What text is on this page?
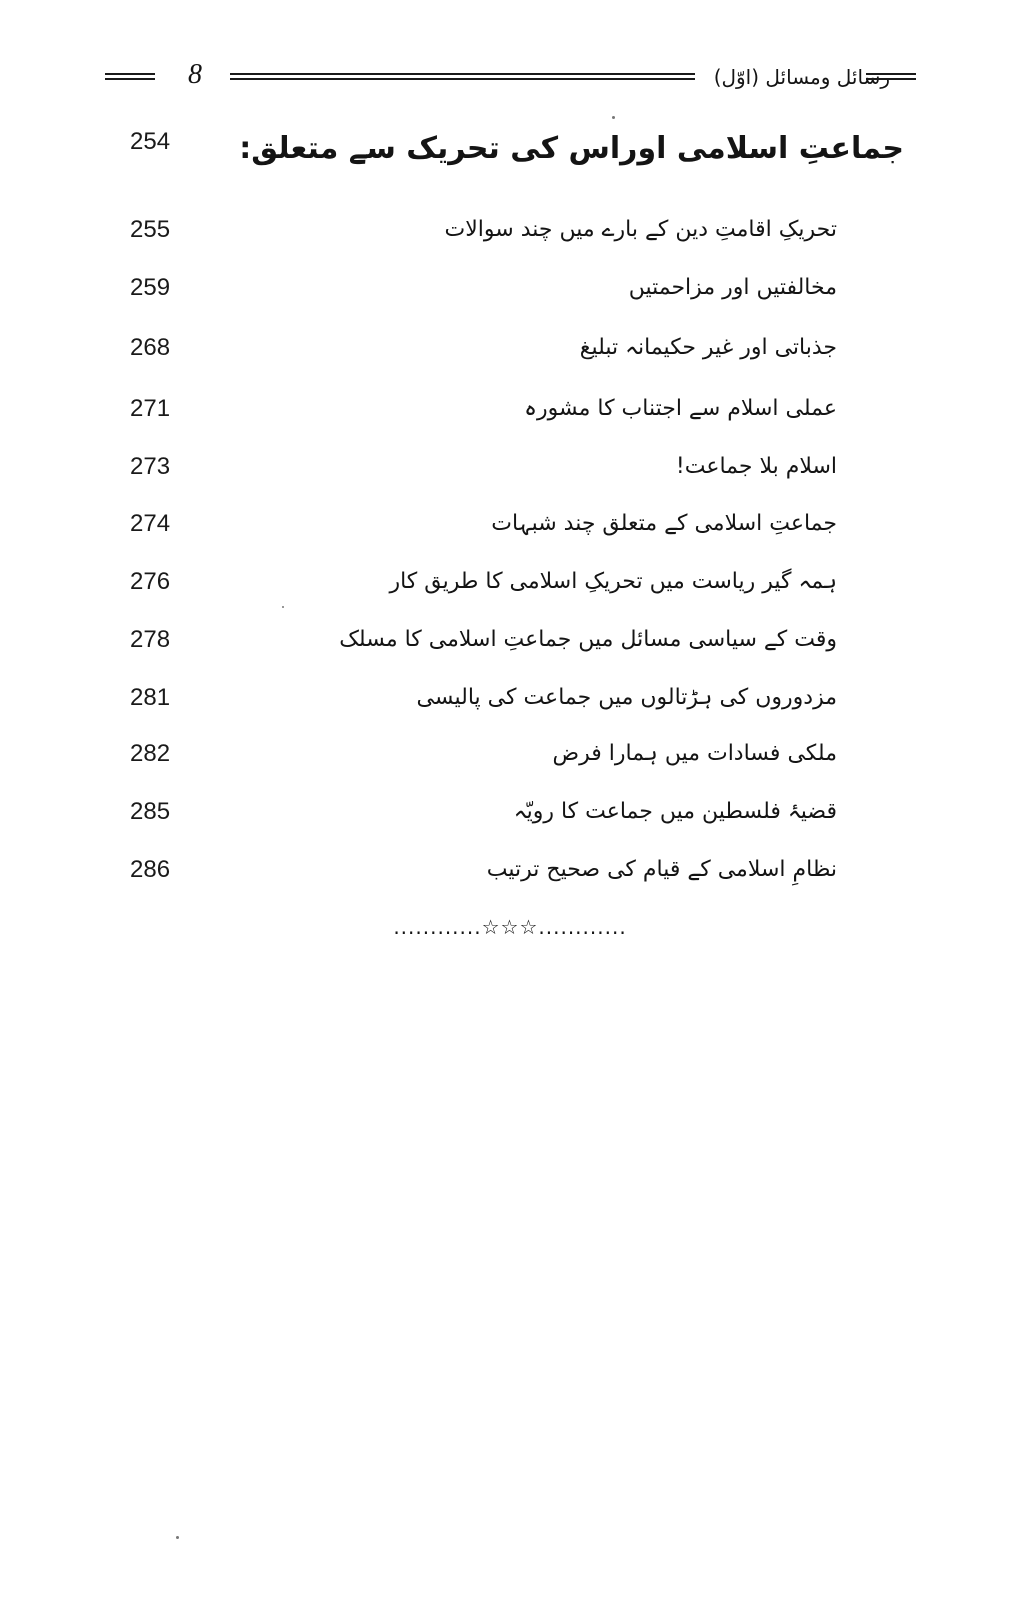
8	رسائل ومسائل (اوّل)
254 جماعتِ اسلامی اوراس کی تحریک سے متعلق:
255	تحریکِ اقامتِ دین کے بارے میں چند سوالات
259	مخالفتیں اور مزاحمتیں
268	جذباتی اور غیر حکیمانہ تبلیغ
271	عملی اسلام سے اجتناب کا مشورہ
273	اسلام بلا جماعت!
274	جماعتِ اسلامی کے متعلق چند شبہات
276	ہمہ گیر ریاست میں تحریکِ اسلامی کا طریق کار
278	وقت کے سیاسی مسائل میں جماعتِ اسلامی کا مسلک
281	مزدوروں کی ہڑتالوں میں جماعت کی پالیسی
282	ملکی فسادات میں ہمارا فرض
285	قضیۂ فلسطین میں جماعت کا رویّہ
286	نظامِ اسلامی کے قیام کی صحیح ترتیب
............☆☆☆............
